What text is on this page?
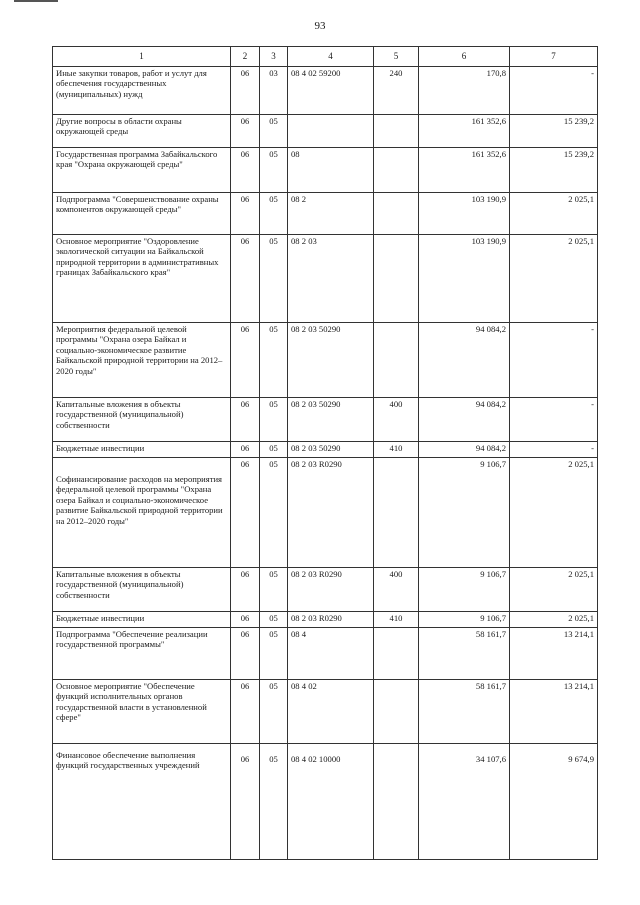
93
1	2	3	4	5	6	7
Иные закупки товаров, работ и услут для обеспечения государственных (муниципальных) нужд	06	03	08 4 02 59200	240	170,8	-
Другие вопросы в области охраны окружающей среды	06	05			161 352,6	15 239,2
Государственная программа Забайкальского края "Охрана окружающей среды"	06	05	08		161 352,6	15 239,2
Подпрограмма "Совершенствование охраны компонентов окружающей среды"	06	05	08 2		103 190,9	2 025,1
Основное мероприятие "Оздоровление экологической ситуации на Байкальской природной территории в административных границах Забайкальского края"	06	05	08 2 03		103 190,9	2 025,1
Мероприятия федеральной целевой программы "Охрана озера Байкал и социально-экономическое развитие Байкальской природной территории на 2012–2020 годы"	06	05	08 2 03 50290		94 084,2	-
Капитальные вложения в объекты государственной (муниципальной) собственности	06	05	08 2 03 50290	400	94 084,2	-
Бюджетные инвестиции	06	05	08 2 03 50290	410	94 084,2	-
Софинансирование расходов на мероприятия федеральной целевой программы "Охрана озера Байкал и социально-экономическое развитие Байкальской природной территории на 2012–2020 годы"	06	05	08 2 03 R0290		9 106,7	2 025,1
Капитальные вложения в объекты государственной (муниципальной) собственности	06	05	08 2 03 R0290	400	9 106,7	2 025,1
Бюджетные инвестиции	06	05	08 2 03 R0290	410	9 106,7	2 025,1
Подпрограмма "Обеспечение реализации государственной программы"	06	05	08 4		58 161,7	13 214,1
Основное мероприятие "Обеспечение функций исполнительных органов государственной власти в установленной сфере"	06	05	08 4 02		58 161,7	13 214,1
Финансовое обеспечение выполнения функций государственных учреждений	06	05	08 4 02 10000		34 107,6	9 674,9
